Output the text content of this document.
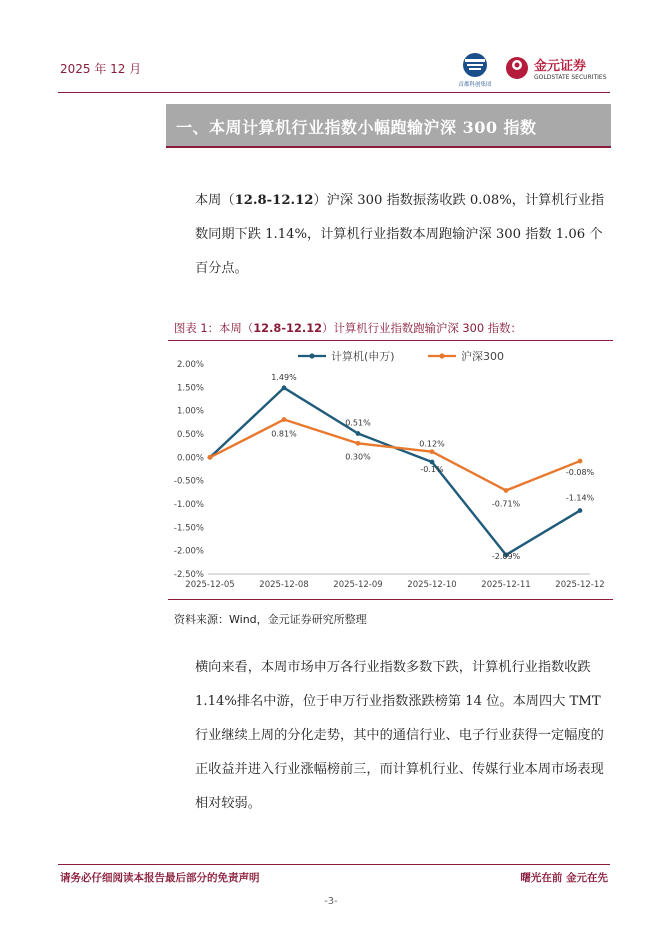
2025 年 12 月
首都科创集团
金元证券
GOLDSTATE SECURITIES
一、本周计算机行业指数小幅跑输沪深 300 指数
本周（12.8-12.12）沪深 300 指数振荡收跌 0.08%，计算机行业指数同期下跌 1.14%，计算机行业指数本周跑输沪深 300 指数 1.06 个百分点。
图表 1：本周（12.8-12.12）计算机行业指数跑输沪深 300 指数：
2.00%
1.50%
1.00%
0.50%
0.00%
-0.50%
-1.00%
-1.50%
-2.00%
-2.50%
2025-12-05	2025-12-08	2025-12-09	2025-12-10	2025-12-11	2025-12-12
计算机(申万)	沪深300
1.49%
0.51%
-0.1%
-2.09%
-1.14%
0.81%
0.30%
0.12%
-0.71%
-0.08%
资料来源：Wind，金元证券研究所整理
横向来看，本周市场申万各行业指数多数下跌，计算机行业指数收跌 1.14%排名中游，位于申万行业指数涨跌榜第 14 位。本周四大 TMT 行业继续上周的分化走势，其中的通信行业、电子行业获得一定幅度的正收益并进入行业涨幅榜前三，而计算机行业、传媒行业本周市场表现相对较弱。
请务必仔细阅读本报告最后部分的免责声明	曙光在前 金元在先
-3-
